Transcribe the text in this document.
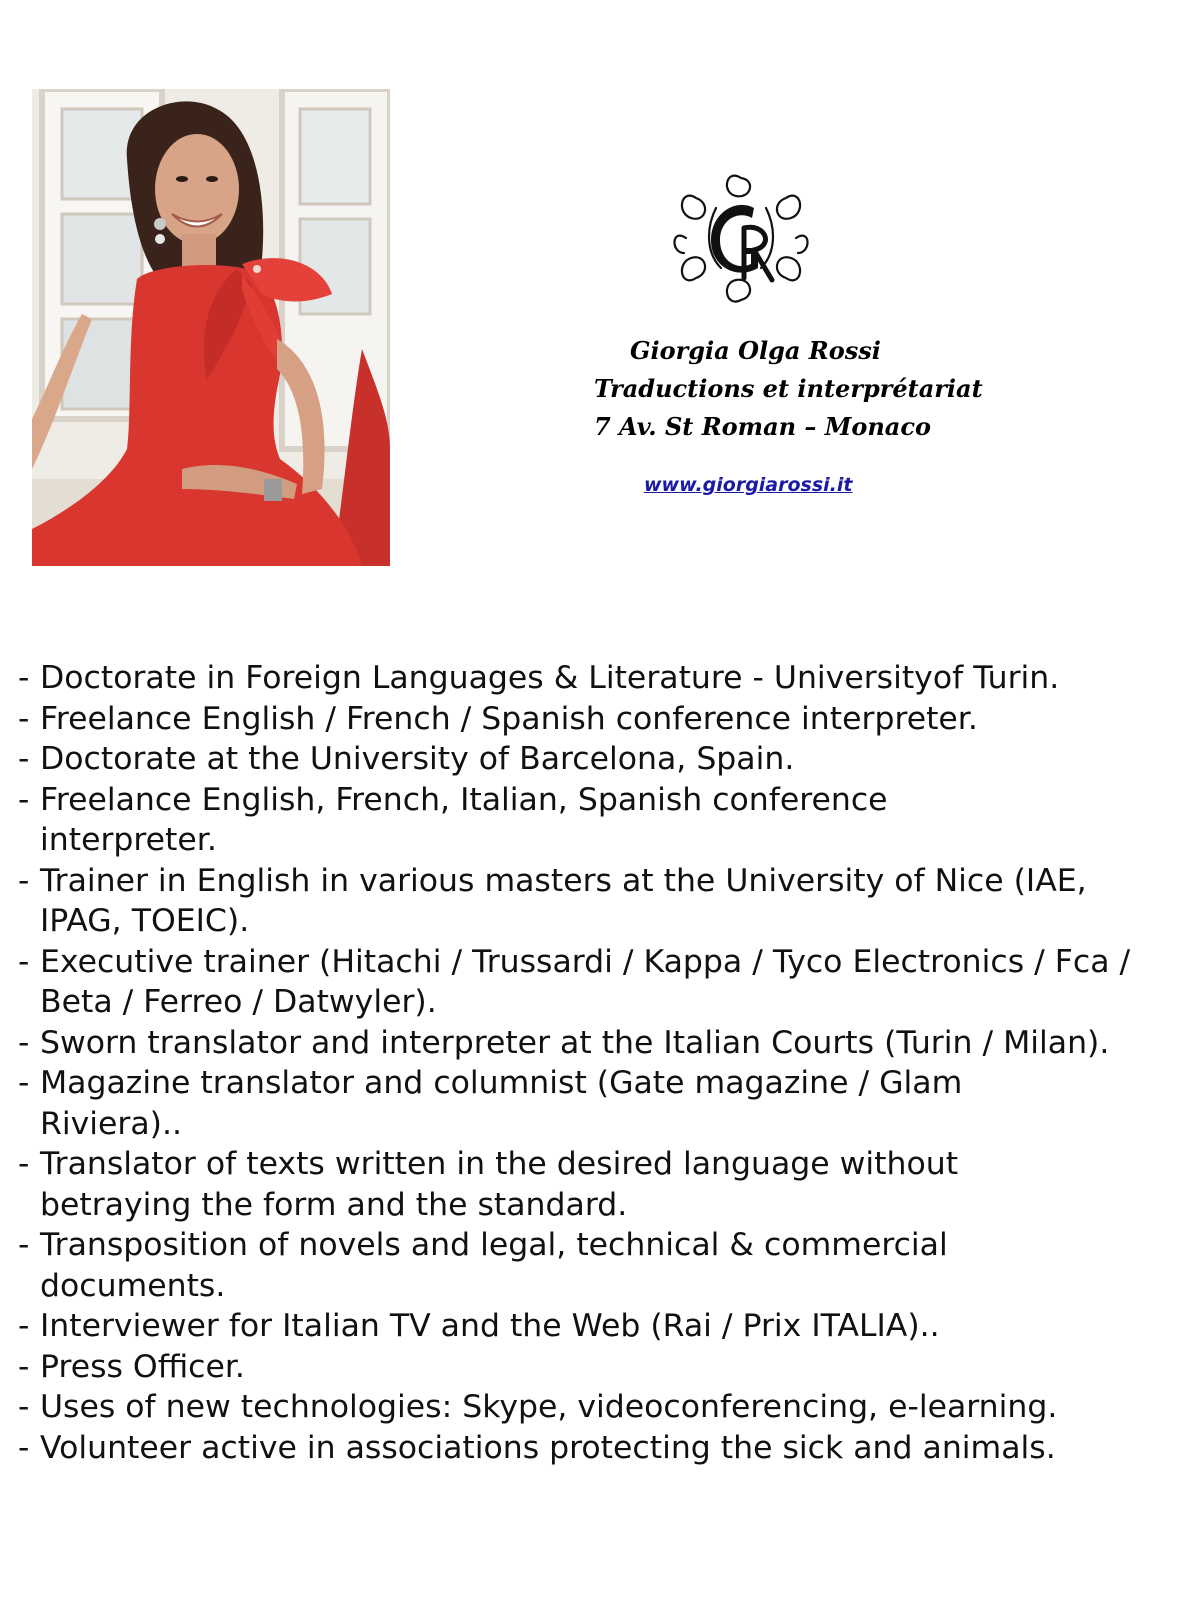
Giorgia Olga Rossi
Traductions et interprétariat
7 Av. St Roman – Monaco
www.giorgiarossi.it
- Doctorate in Foreign Languages & Literature - Universityof Turin.
- Freelance English / French / Spanish conference interpreter.
- Doctorate at the University of Barcelona, Spain.
- Freelance English, French, Italian, Spanish conference interpreter.
- Trainer in English in various masters at the University of Nice (IAE, IPAG, TOEIC).
- Executive trainer (Hitachi / Trussardi / Kappa / Tyco Electronics / Fca / Beta / Ferreo / Datwyler).
- Sworn translator and interpreter at the Italian Courts (Turin / Milan).
- Magazine translator and columnist (Gate magazine / Glam Riviera)..
- Translator of texts written in the desired language without betraying the form and the standard.
- Transposition of novels and legal, technical & commercial documents.
- Interviewer for Italian TV and the Web (Rai / Prix ITALIA)..
- Press Officer.
- Uses of new technologies: Skype, videoconferencing, e-learning.
- Volunteer active in associations protecting the sick and animals.
